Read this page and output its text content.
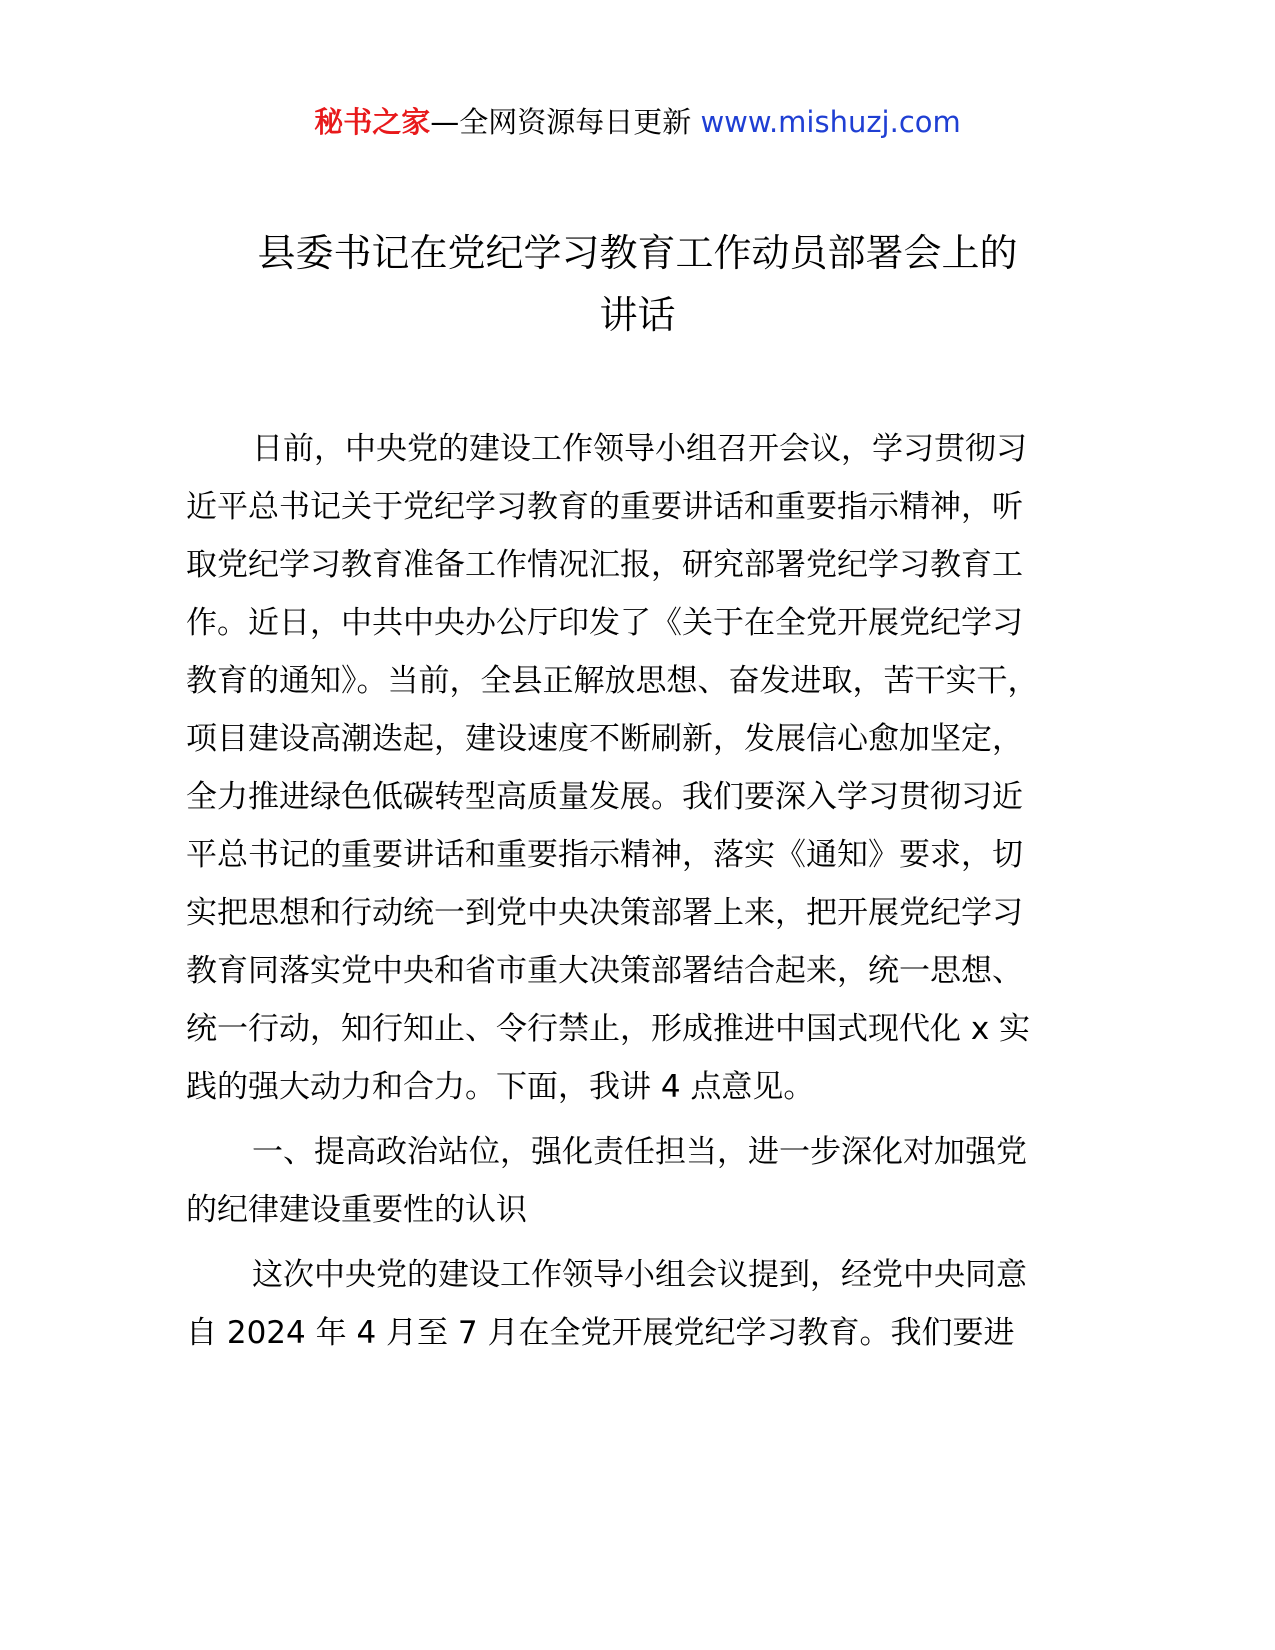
秘书之家—全网资源每日更新 www.mishuzj.com
县委书记在党纪学习教育工作动员部署会上的
讲话

日前，中央党的建设工作领导小组召开会议，学习贯彻习
近平总书记关于党纪学习教育的重要讲话和重要指示精神，听
取党纪学习教育准备工作情况汇报，研究部署党纪学习教育工
作。近日，中共中央办公厅印发了《关于在全党开展党纪学习
教育的通知》。当前，全县正解放思想、奋发进取，苦干实干，
项目建设高潮迭起，建设速度不断刷新，发展信心愈加坚定，
全力推进绿色低碳转型高质量发展。我们要深入学习贯彻习近
平总书记的重要讲话和重要指示精神，落实《通知》要求，切
实把思想和行动统一到党中央决策部署上来，把开展党纪学习
教育同落实党中央和省市重大决策部署结合起来，统一思想、
统一行动，知行知止、令行禁止，形成推进中国式现代化 x 实
践的强大动力和合力。下面，我讲 4 点意见。

一、提高政治站位，强化责任担当，进一步深化对加强党
的纪律建设重要性的认识

这次中央党的建设工作领导小组会议提到，经党中央同意
自 2024 年 4 月至 7 月在全党开展党纪学习教育。我们要进
